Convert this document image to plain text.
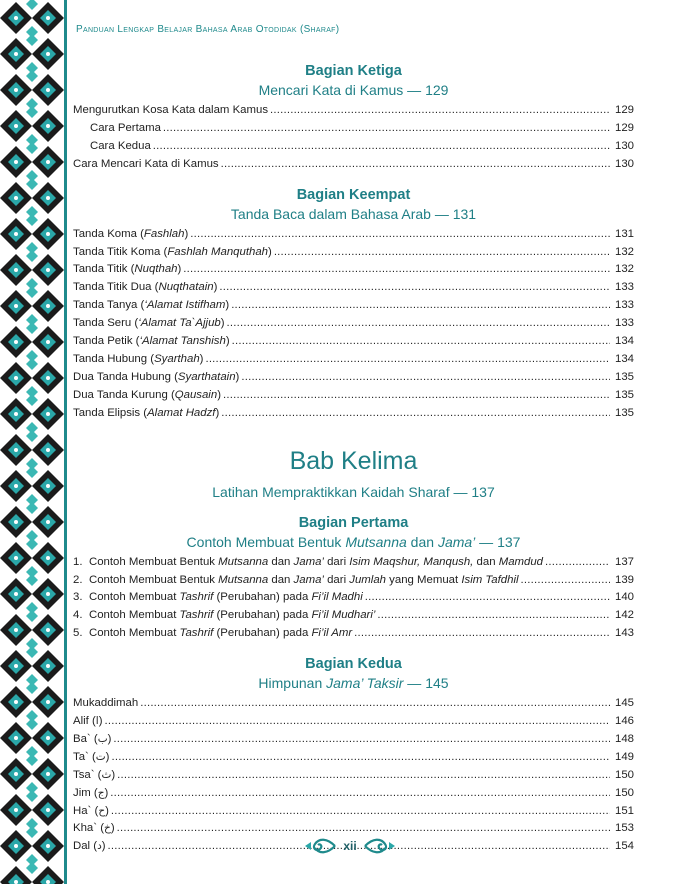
Panduan Lengkap Belajar Bahasa Arab Otodidak (Sharaf)
Bagian Ketiga
Mencari Kata di Kamus — 129
Mengurutkan Kosa Kata dalam Kamus .....	129
Cara Pertama .....	129
Cara Kedua .....	130
Cara Mencari Kata di Kamus .....	130
Bagian Keempat
Tanda Baca dalam Bahasa Arab — 131
Tanda Koma (Fashlah) .....	131
Tanda Titik Koma (Fashlah Manquthah) .....	132
Tanda Titik (Nuqthah) .....	132
Tanda Titik Dua (Nuqthatain) .....	133
Tanda Tanya (‘Alamat Istifham) .....	133
Tanda Seru (‘Alamat Ta`Ajjub) .....	133
Tanda Petik (‘Alamat Tanshish) .....	134
Tanda Hubung (Syarthah) .....	134
Dua Tanda Hubung (Syarthatain) .....	135
Dua Tanda Kurung (Qausain) .....	135
Tanda Elipsis (Alamat Hadzf) .....	135
Bab Kelima
Latihan Mempraktikkan Kaidah Sharaf — 137
Bagian Pertama
Contoh Membuat Bentuk Mutsanna dan Jama’ — 137
1. Contoh Membuat Bentuk Mutsanna dan Jama’ dari Isim Maqshur, Manqush, dan Mamdud .....	137
2. Contoh Membuat Bentuk Mutsanna dan Jama’ dari Jumlah yang Memuat Isim Tafdhil .....	139
3. Contoh Membuat Tashrif (Perubahan) pada Fi’il Madhi .....	140
4. Contoh Membuat Tashrif (Perubahan) pada Fi’il Mudhari’ .....	142
5. Contoh Membuat Tashrif (Perubahan) pada Fi’il Amr .....	143
Bagian Kedua
Himpunan Jama’ Taksir — 145
Mukaddimah .....	145
Alif (ا) .....	146
Ba` (ب) .....	148
Ta` (ت) .....	149
Tsa` (ث) .....	150
Jim (ج) .....	150
Ha` (ح) .....	151
Kha` (خ) .....	153
Dal (د) .....	154
xii
